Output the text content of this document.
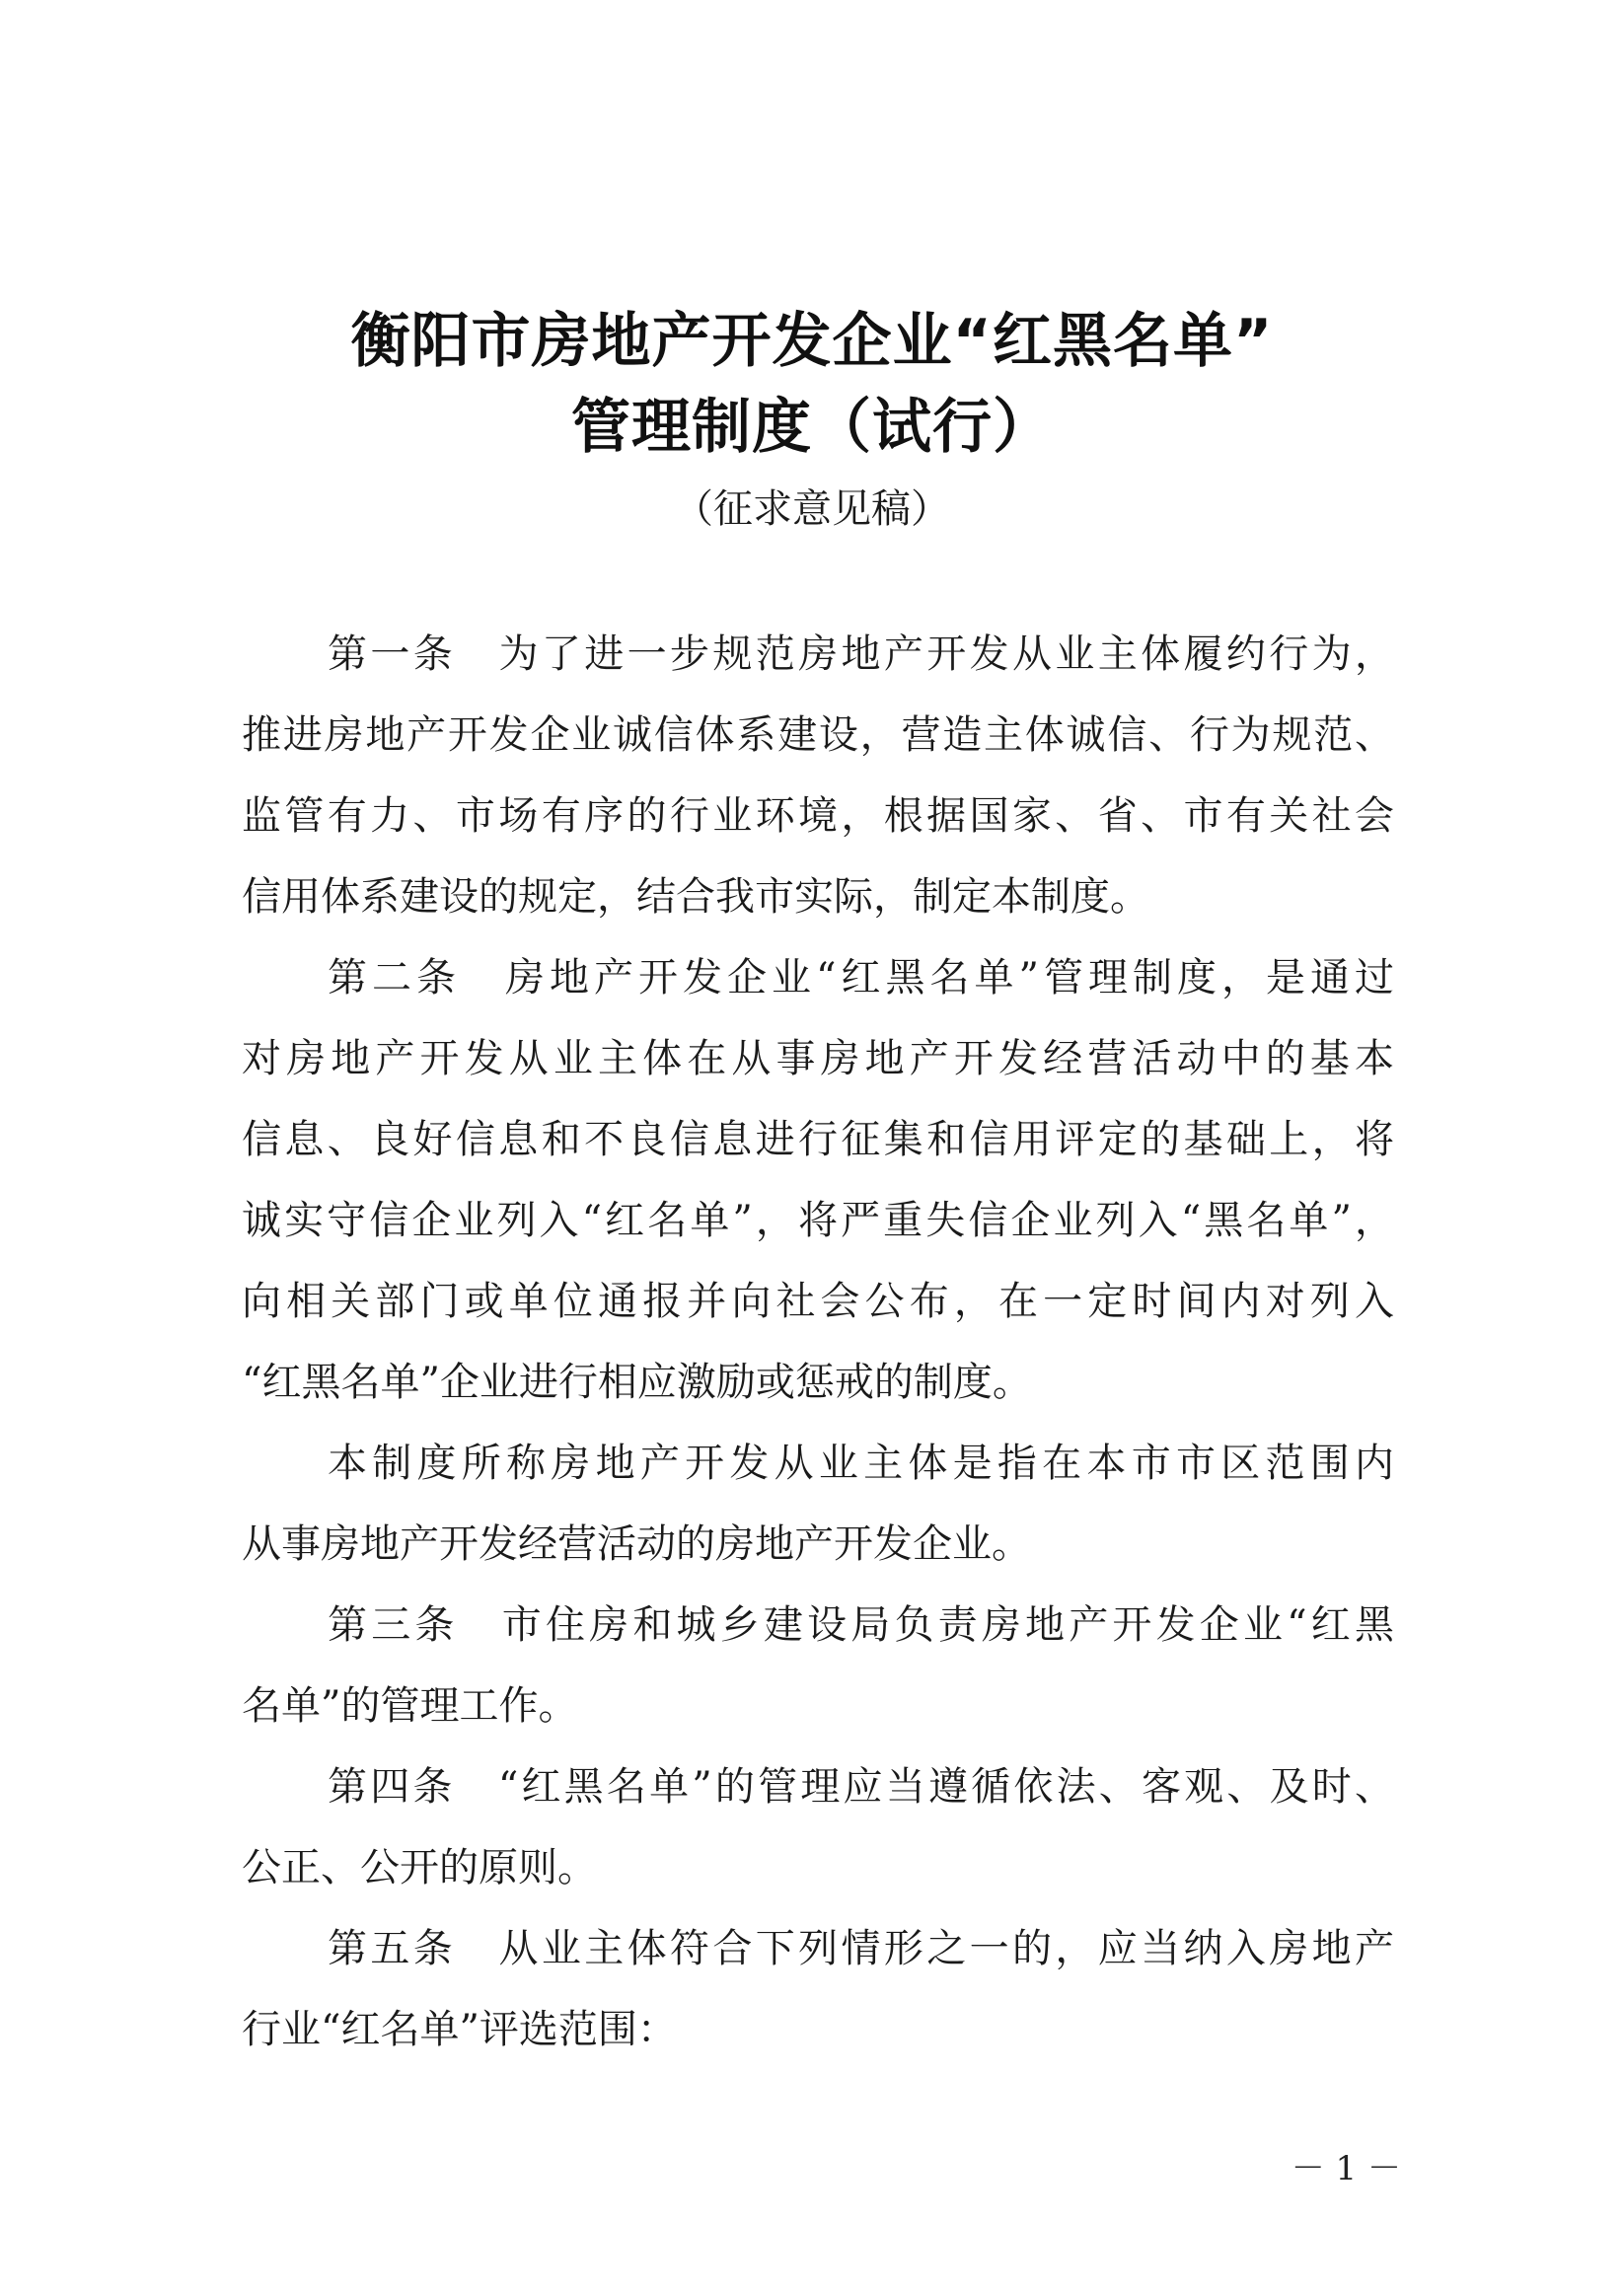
衡阳市房地产开发企业“红黑名单”
管理制度（试行）
（征求意见稿）
第一条　为了进一步规范房地产开发从业主体履约行为，
推进房地产开发企业诚信体系建设，营造主体诚信、行为规范、
监管有力、市场有序的行业环境，根据国家、省、市有关社会
信用体系建设的规定，结合我市实际，制定本制度。
第二条　房地产开发企业“红黑名单”管理制度，是通过
对房地产开发从业主体在从事房地产开发经营活动中的基本
信息、良好信息和不良信息进行征集和信用评定的基础上，将
诚实守信企业列入“红名单”，将严重失信企业列入“黑名单”，
向相关部门或单位通报并向社会公布，在一定时间内对列入
“红黑名单”企业进行相应激励或惩戒的制度。
本制度所称房地产开发从业主体是指在本市市区范围内
从事房地产开发经营活动的房地产开发企业。
第三条　市住房和城乡建设局负责房地产开发企业“红黑
名单”的管理工作。
第四条　“红黑名单”的管理应当遵循依法、客观、及时、
公正、公开的原则。
第五条　从业主体符合下列情形之一的，应当纳入房地产
行业“红名单”评选范围：
－ 1 －
